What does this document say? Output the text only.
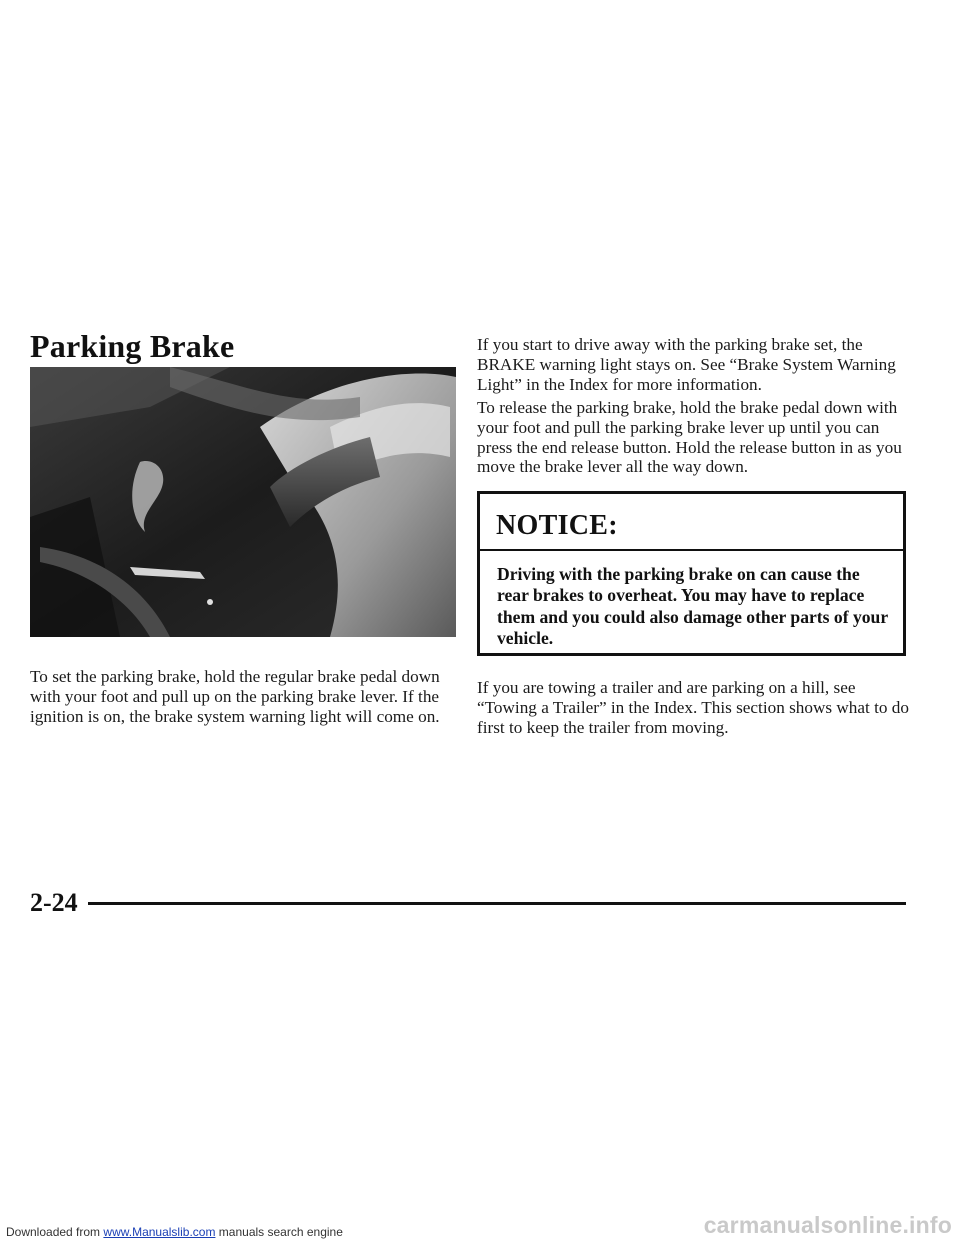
Parking Brake

To set the parking brake, hold the regular brake pedal down with your foot and pull up on the parking brake lever. If the ignition is on, the brake system warning light will come on.

If you start to drive away with the parking brake set, the BRAKE warning light stays on. See “Brake System Warning Light” in the Index for more information.

To release the parking brake, hold the brake pedal down with your foot and pull the parking brake lever up until you can press the end release button. Hold the release button in as you move the brake lever all the way down.

NOTICE:
Driving with the parking brake on can cause the rear brakes to overheat. You may have to replace them and you could also damage other parts of your vehicle.

If you are towing a trailer and are parking on a hill, see “Towing a Trailer” in the Index. This section shows what to do first to keep the trailer from moving.

2-24
Downloaded from www.Manualslib.com manuals search engine	carmanualsonline.info
